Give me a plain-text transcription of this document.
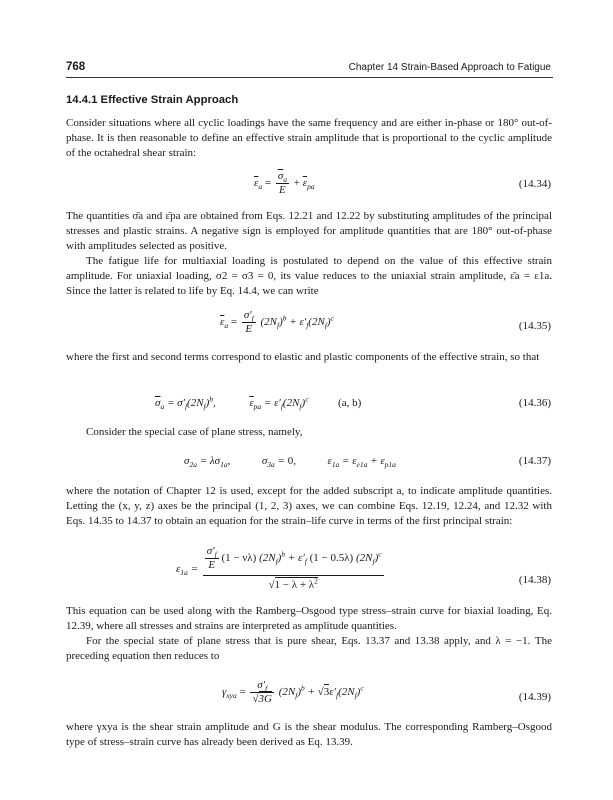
768	Chapter 14 Strain-Based Approach to Fatigue
14.4.1 Effective Strain Approach

Consider situations where all cyclic loadings have the same frequency and are either in-phase or 180° out-of-phase. It is then reasonable to define an effective strain amplitude that is proportional to the cyclic amplitude of the octahedral shear strain:

$\overline{\varepsilon}_a = \frac{\overline{\sigma}_a}{E} + \overline{\varepsilon}_{pa}$	(14.34)

The quantities σ̄a and ε̄pa are obtained from Eqs. 12.21 and 12.22 by substituting amplitudes of the principal stresses and plastic strains. A negative sign is employed for amplitude quantities that are 180° out-of-phase with amplitudes selected as positive.

The fatigue life for multiaxial loading is postulated to depend on the value of this effective strain amplitude. For uniaxial loading, σ2 = σ3 = 0, its value reduces to the uniaxial strain amplitude, ε̄a = ε1a. Since the latter is related to life by Eq. 14.4, we can write

$\overline{\varepsilon}_a = \frac{\sigma'_f}{E} (2N_f)^b + \varepsilon'_f(2N_f)^c$
(14.35)

where the first and second terms correspond to elastic and plastic components of the effective strain, so that

$\overline{\sigma}_a = \sigma'_f(2N_f)^b$,	$\overline{\varepsilon}_{pa} = \varepsilon'_f(2N_f)^c$	(a, b)	(14.36)

Consider the special case of plane stress, namely,

$\sigma_{2a} = \lambda\sigma_{1a}$,	$\sigma_{3a} = 0$,	$\varepsilon_{1a} = \varepsilon_{e1a} + \varepsilon_{p1a}$	(14.37)

where the notation of Chapter 12 is used, except for the added subscript a, to indicate amplitude quantities. Letting the (x, y, z) axes be the principal (1, 2, 3) axes, we can combine Eqs. 12.19, 12.24, and 12.32 with Eqs. 14.35 to 14.37 to obtain an equation for the strain–life curve in terms of the first principal strain:

$\varepsilon_{1a} = \frac{\frac{\sigma'_f}{E} (1 - \nu\lambda) (2N_f)^b + \varepsilon'_f (1 - 0.5\lambda) (2N_f)^c}{√1 - \lambda + \lambda^2}$	(14.38)

This equation can be used along with the Ramberg–Osgood type stress–strain curve for biaxial loading, Eq. 12.39, where all stresses and strains are interpreted as amplitude quantities.

For the special state of plane stress that is pure shear, Eqs. 13.37 and 13.38 apply, and λ = −1. The preceding equation then reduces to

$\gamma_{xya} = \frac{\sigma'_f}{√3G} (2N_f)^b + √3\varepsilon'_f(2N_f)^c$
(14.39)

where γxya is the shear strain amplitude and G is the shear modulus. The corresponding Ramberg–Osgood type of stress–strain curve has already been derived as Eq. 13.39.
